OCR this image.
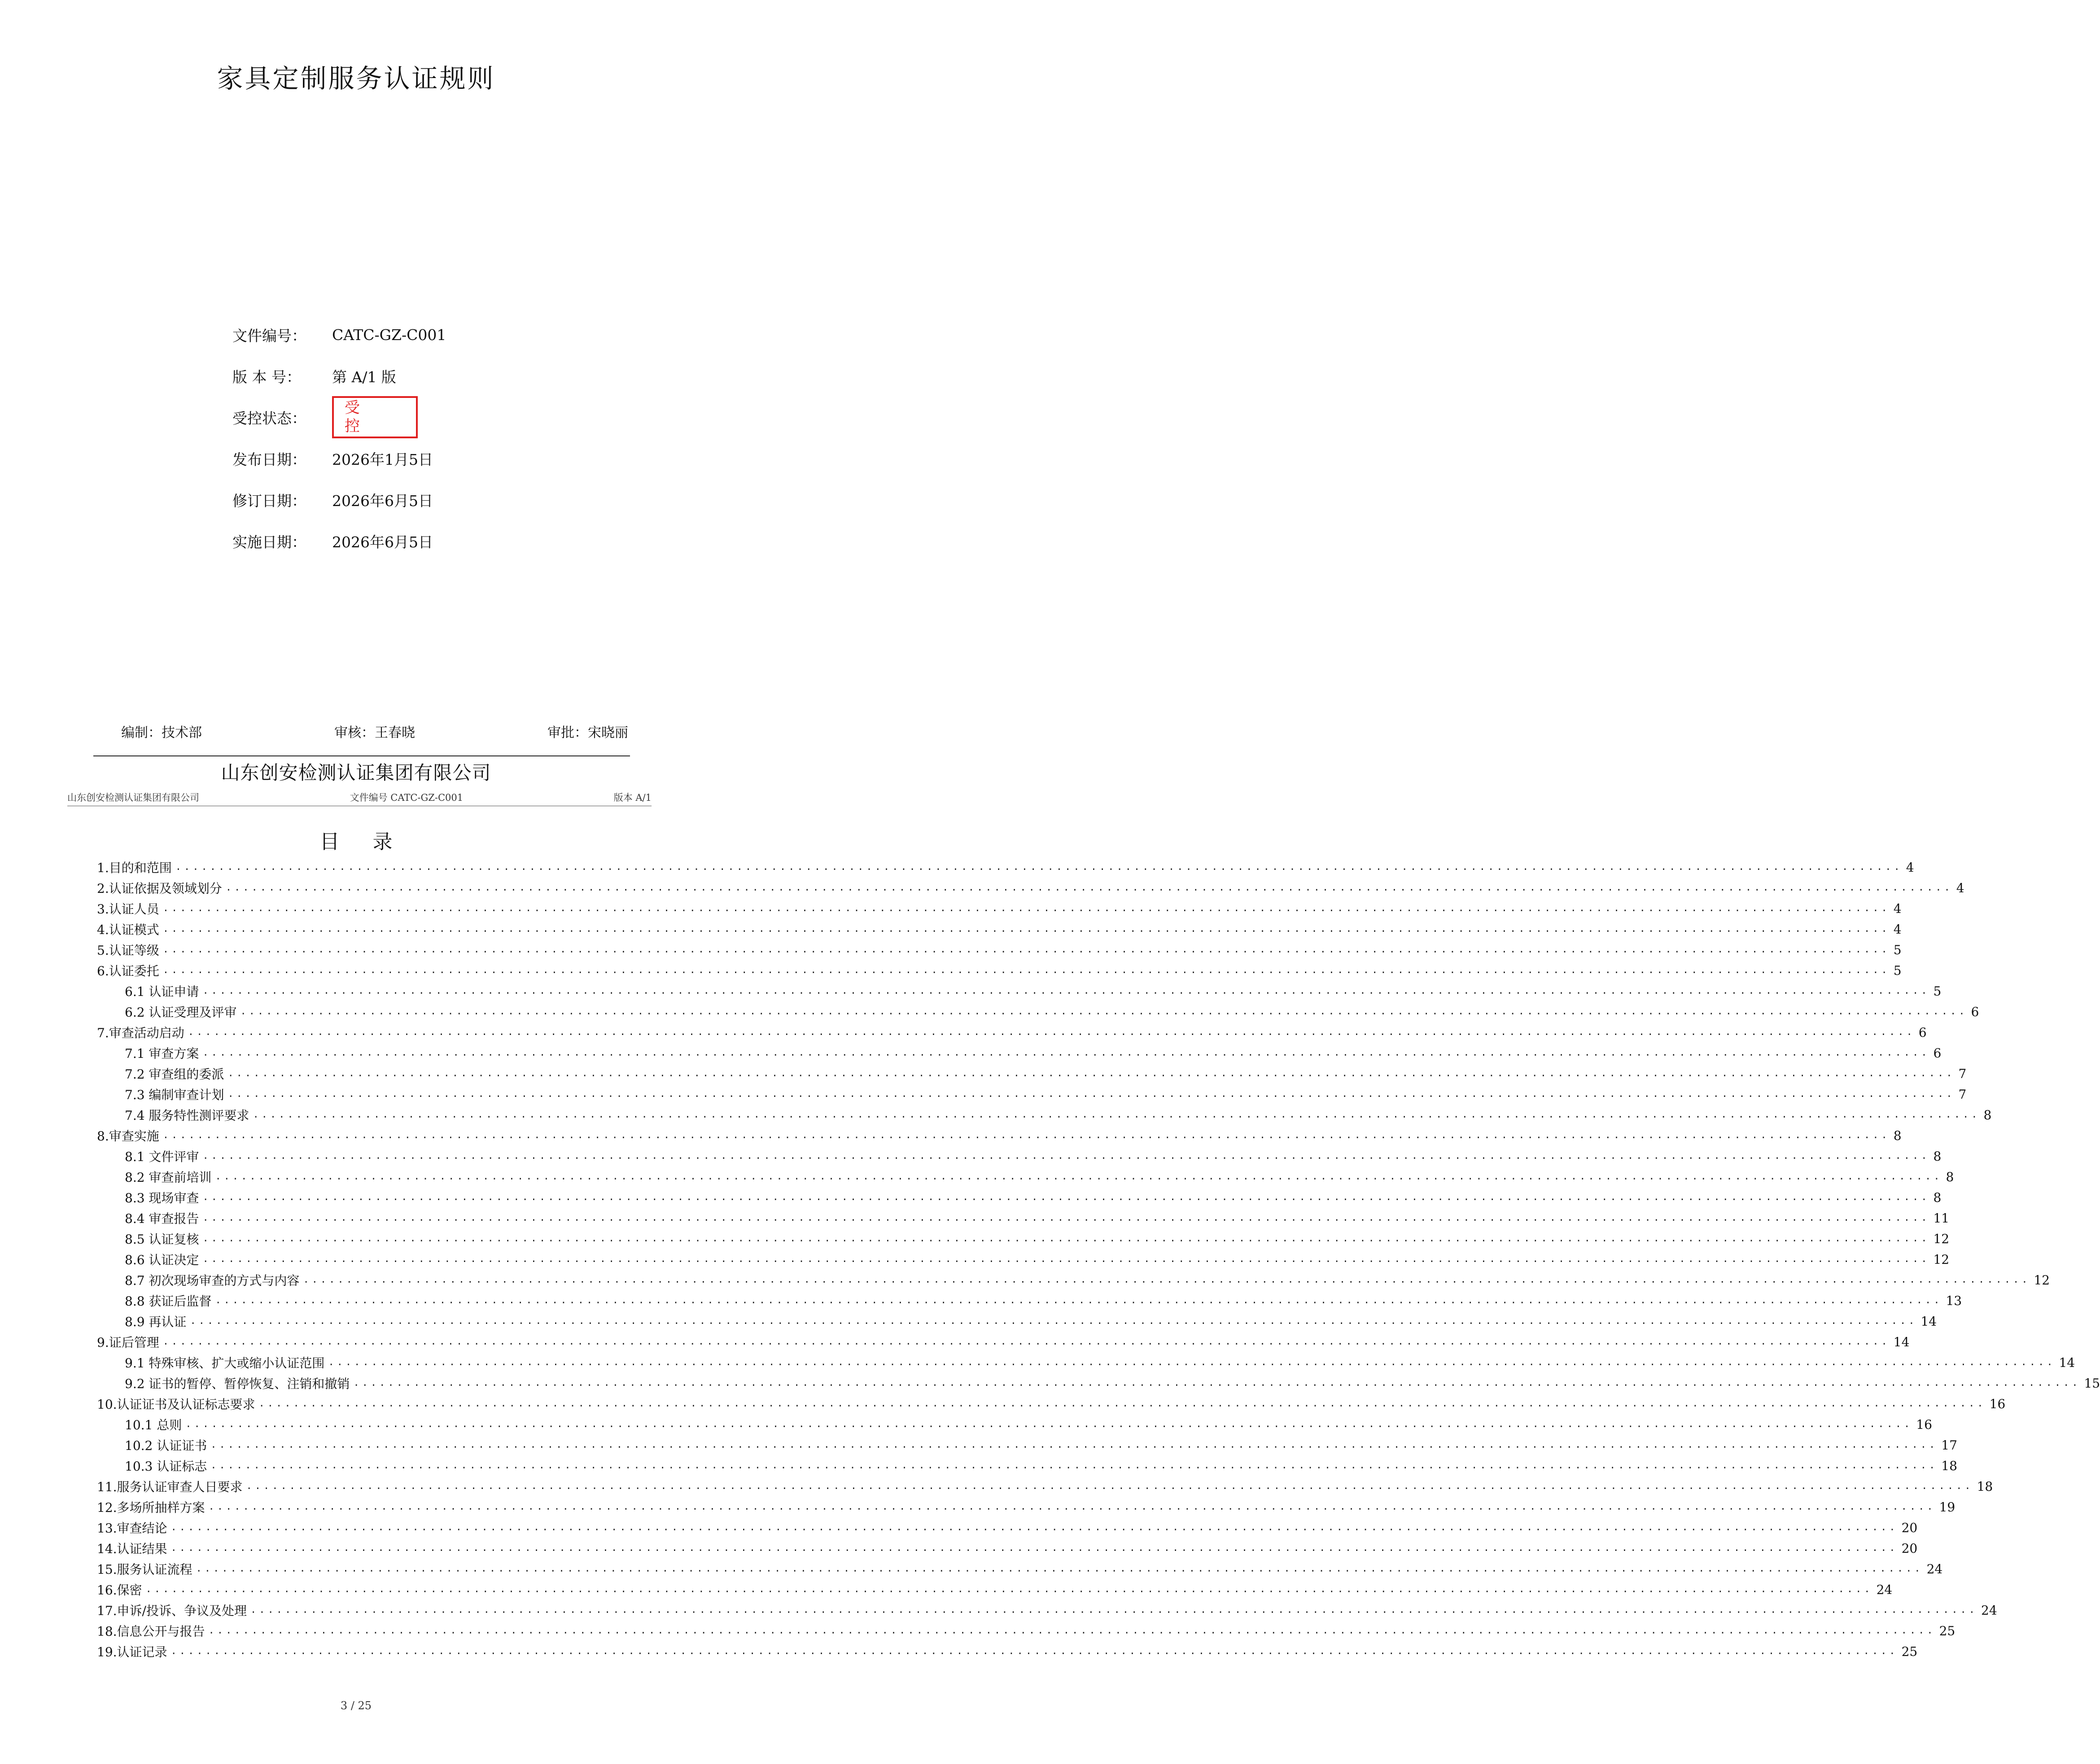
家具定制服务认证规则
文件编号：	CATC-GZ-C001
版 本 号：	第 A/1 版
受控状态：
受 控
发布日期：	2026年1月5日
修订日期：	2026年6月5日
实施日期：	2026年6月5日
编制：技术部	审核：王春晓	审批：宋晓丽
山东创安检测认证集团有限公司
山东创安检测认证集团有限公司	文件编号 CATC-GZ-C001	版本 A/1
目 录
1.目的和范围 ........................................................................................................................................................................................................ 4
2.认证依据及领域划分 ........................................................................................................................................................................................................ 4
3.认证人员 ........................................................................................................................................................................................................ 4
4.认证模式 ........................................................................................................................................................................................................ 4
5.认证等级 ........................................................................................................................................................................................................ 5
6.认证委托 ........................................................................................................................................................................................................ 5
6.1 认证申请 ........................................................................................................................................................................................................ 5
6.2 认证受理及评审 ........................................................................................................................................................................................................ 6
7.审查活动启动 ........................................................................................................................................................................................................ 6
7.1 审查方案 ........................................................................................................................................................................................................ 6
7.2 审查组的委派 ........................................................................................................................................................................................................ 7
7.3 编制审查计划 ........................................................................................................................................................................................................ 7
7.4 服务特性测评要求 ........................................................................................................................................................................................................ 8
8.审查实施 ........................................................................................................................................................................................................ 8
8.1 文件评审 ........................................................................................................................................................................................................ 8
8.2 审查前培训 ........................................................................................................................................................................................................ 8
8.3 现场审查 ........................................................................................................................................................................................................ 8
8.4 审查报告 ........................................................................................................................................................................................................ 11
8.5 认证复核 ........................................................................................................................................................................................................ 12
8.6 认证决定 ........................................................................................................................................................................................................ 12
8.7 初次现场审查的方式与内容 ........................................................................................................................................................................................................ 12
8.8 获证后监督 ........................................................................................................................................................................................................ 13
8.9 再认证 ........................................................................................................................................................................................................ 14
9.证后管理 ........................................................................................................................................................................................................ 14
9.1 特殊审核、扩大或缩小认证范围 ........................................................................................................................................................................................................ 14
9.2 证书的暂停、暂停恢复、注销和撤销 ........................................................................................................................................................................................................ 15
10.认证证书及认证标志要求 ........................................................................................................................................................................................................ 16
10.1 总则 ........................................................................................................................................................................................................ 16
10.2 认证证书 ........................................................................................................................................................................................................ 17
10.3 认证标志 ........................................................................................................................................................................................................ 18
11.服务认证审查人日要求 ........................................................................................................................................................................................................ 18
12.多场所抽样方案 ........................................................................................................................................................................................................ 19
13.审查结论 ........................................................................................................................................................................................................ 20
14.认证结果 ........................................................................................................................................................................................................ 20
15.服务认证流程 ........................................................................................................................................................................................................ 24
16.保密 ........................................................................................................................................................................................................ 24
17.申诉/投诉、争议及处理 ........................................................................................................................................................................................................ 24
18.信息公开与报告 ........................................................................................................................................................................................................ 25
19.认证记录 ........................................................................................................................................................................................................ 25
3 / 25
